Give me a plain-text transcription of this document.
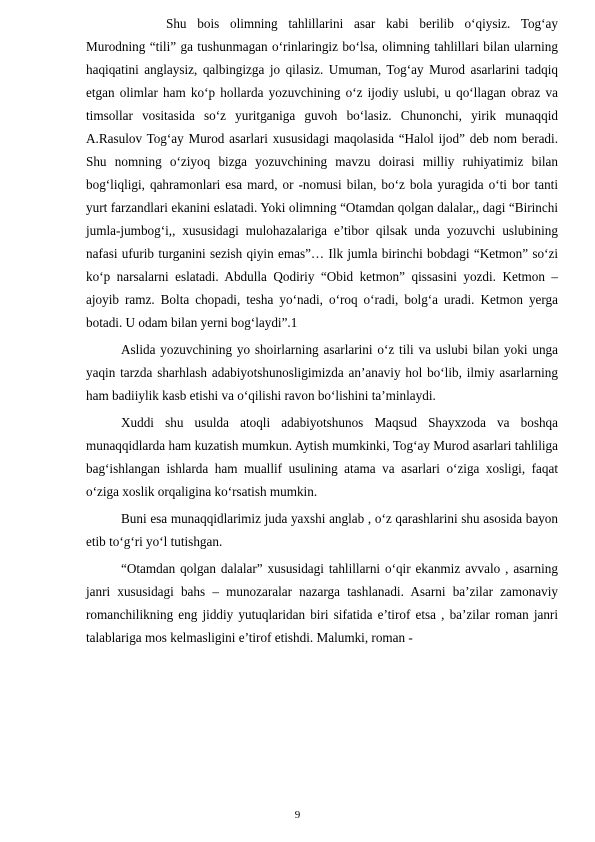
Shu bois olimning tahlillarini asar kabi berilib o‘qiysiz. Tog‘ay Murodning “tili” ga tushunmagan o‘rinlaringiz bo‘lsa, olimning tahlillari bilan ularning haqiqatini anglaysiz, qalbingizga jo qilasiz. Umuman, Tog‘ay Murod asarlarini tadqiq etgan olimlar ham ko‘p hollarda yozuvchining o‘z ijodiy uslubi, u qo‘llagan obraz va timsollar vositasida so‘z yuritganiga guvoh bo‘lasiz. Chunonchi, yirik munaqqid A.Rasulov Tog‘ay Murod asarlari xususidagi maqolasida “Halol ijod” deb nom beradi. Shu nomning o‘ziyoq bizga yozuvchining mavzu doirasi milliy ruhiyatimiz bilan bog‘liqligi, qahramonlari esa mard, or -nomusi bilan, bo‘z bola yuragida o‘ti bor tanti yurt farzandlari ekanini eslatadi. Yoki olimning “Otamdan qolgan dalalar,, dagi “Birinchi jumla-jumbog‘i,, xususidagi mulohazalariga e’tibor qilsak unda yozuvchi uslubining nafasi ufurib turganini sezish qiyin emas”… Ilk jumla birinchi bobdagi “Ketmon” so‘zi ko‘p narsalarni eslatadi. Abdulla Qodiriy “Obid ketmon” qissasini yozdi. Ketmon – ajoyib ramz. Bolta chopadi, tesha yo‘nadi, o‘roq o‘radi, bolg‘a uradi. Ketmon yerga botadi. U odam bilan yerni bog‘laydi”.1

Aslida yozuvchining yo shoirlarning asarlarini o‘z tili va uslubi bilan yoki unga yaqin tarzda sharhlash adabiyotshunosligimizda an’anaviy hol bo‘lib, ilmiy asarlarning ham badiiylik kasb etishi va o‘qilishi ravon bo‘lishini ta’minlaydi.

Xuddi shu usulda atoqli adabiyotshunos Maqsud Shayxzoda va boshqa munaqqidlarda ham kuzatish mumkun. Aytish mumkinki, Tog‘ay Murod asarlari tahliliga bag‘ishlangan ishlarda ham muallif usulining atama va asarlari o‘ziga xosligi, faqat o‘ziga xoslik orqaligina ko‘rsatish mumkin.

Buni esa munaqqidlarimiz juda yaxshi anglab , o‘z qarashlarini shu asosida bayon etib to‘g‘ri yo‘l tutishgan.

“Otamdan qolgan dalalar” xususidagi tahlillarni o‘qir ekanmiz avvalo , asarning janri xususidagi bahs – munozaralar nazarga tashlanadi. Asarni ba’zilar zamonaviy romanchilikning eng jiddiy yutuqlaridan biri sifatida e’tirof etsa , ba’zilar roman janri talablariga mos kelmasligini e’tirof etishdi. Malumki, roman -

9
